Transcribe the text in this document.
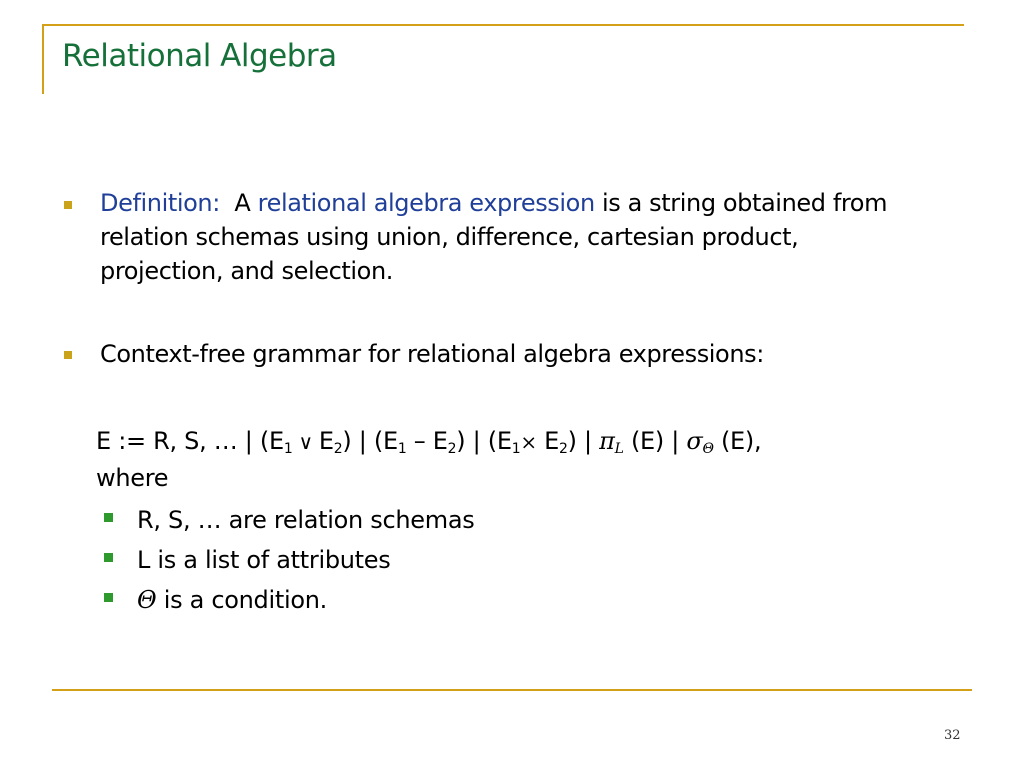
Relational Algebra
Definition: A relational algebra expression is a string obtained from
relation schemas using union, difference, cartesian product,
projection, and selection.
Context-free grammar for relational algebra expressions:
E := R, S, … | ($E_1$ ∨ $E_2$) | $(E_1 - E_2)$ | $(E_1\times E_2)$ | $\pi_L$ (E) | $\sigma_\Theta$ (E),
where
R, S, … are relation schemas
L is a list of attributes
Θ is a condition.
32
